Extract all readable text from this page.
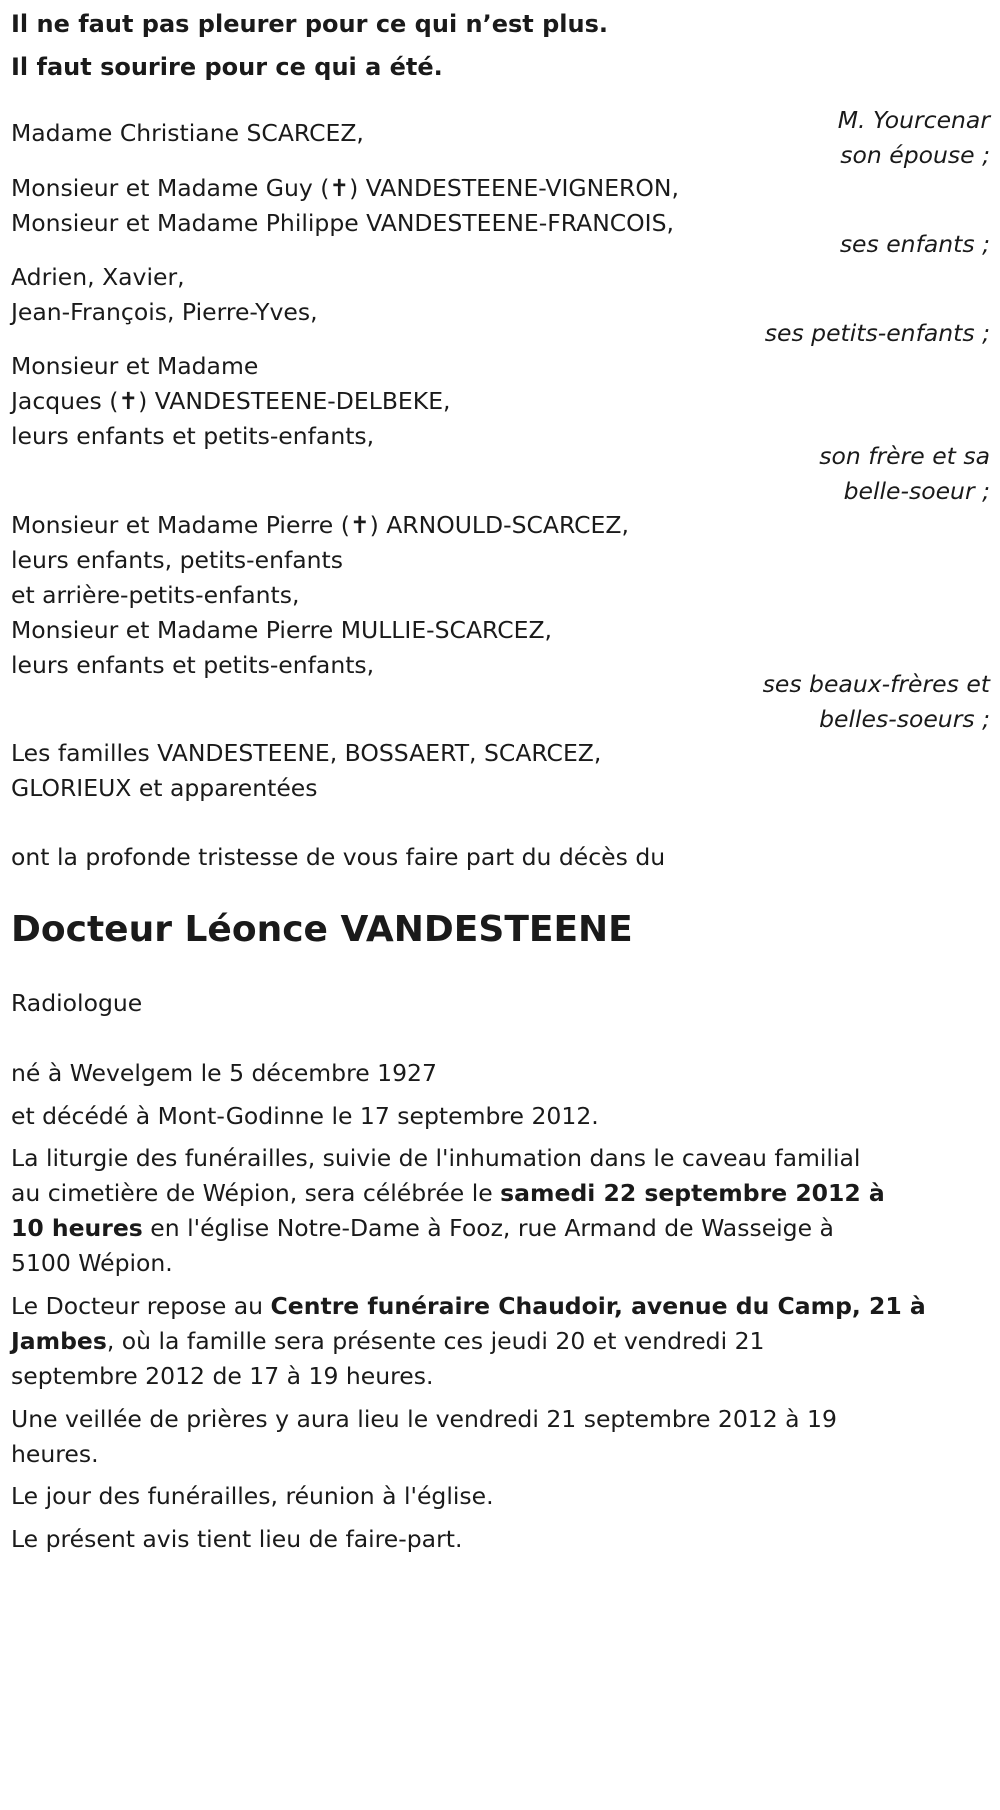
Il ne faut pas pleurer pour ce qui n’est plus.
Il faut sourire pour ce qui a été.
M. Yourcenar
Madame Christiane SCARCEZ,
son épouse ;
Monsieur et Madame Guy (✝) VANDESTEENE-VIGNERON,
Monsieur et Madame Philippe VANDESTEENE-FRANCOIS,
ses enfants ;
Adrien, Xavier,
Jean-François, Pierre-Yves,
ses petits-enfants ;
Monsieur et Madame
Jacques (✝) VANDESTEENE-DELBEKE,
leurs enfants et petits-enfants,
son frère et sa
belle-soeur ;
Monsieur et Madame Pierre (✝) ARNOULD-SCARCEZ,
leurs enfants, petits-enfants
et arrière-petits-enfants,
Monsieur et Madame Pierre MULLIE-SCARCEZ,
leurs enfants et petits-enfants,
ses beaux-frères et
belles-soeurs ;
Les familles VANDESTEENE, BOSSAERT, SCARCEZ,
GLORIEUX et apparentées
ont la profonde tristesse de vous faire part du décès du
Docteur Léonce VANDESTEENE
Radiologue
né à Wevelgem le 5 décembre 1927
et décédé à Mont-Godinne le 17 septembre 2012.
La liturgie des funérailles, suivie de l'inhumation dans le caveau familial
au cimetière de Wépion, sera célébrée le samedi 22 septembre 2012 à
10 heures en l'église Notre-Dame à Fooz, rue Armand de Wasseige à
5100 Wépion.
Le Docteur repose au Centre funéraire Chaudoir, avenue du Camp, 21 à
Jambes, où la famille sera présente ces jeudi 20 et vendredi 21
septembre 2012 de 17 à 19 heures.
Une veillée de prières y aura lieu le vendredi 21 septembre 2012 à 19
heures.
Le jour des funérailles, réunion à l'église.
Le présent avis tient lieu de faire-part.
